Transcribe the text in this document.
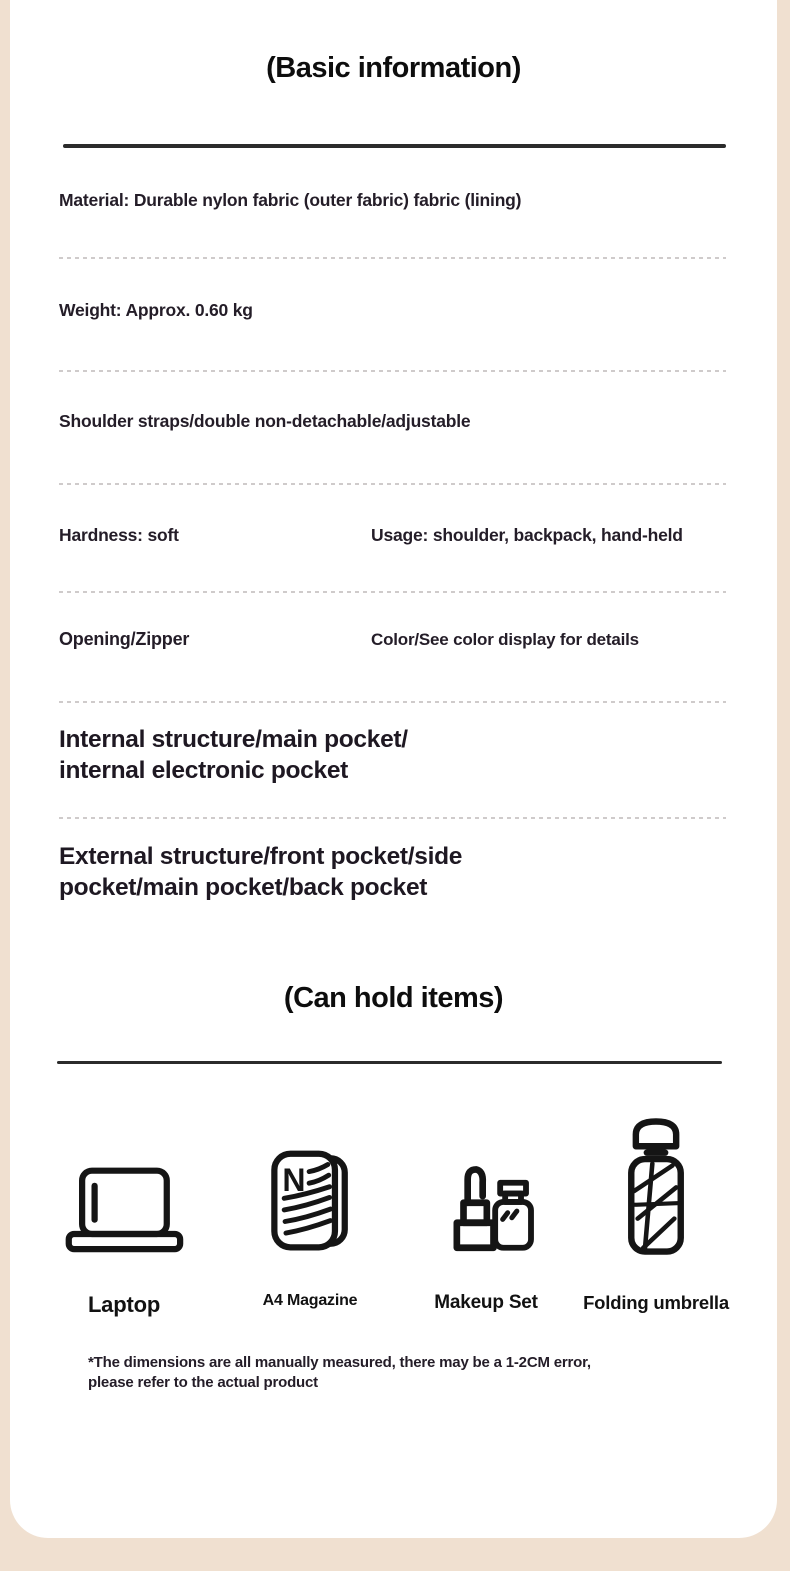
(Basic information)
Material: Durable nylon fabric (outer fabric) fabric (lining)
Weight: Approx. 0.60 kg
Shoulder straps/double non-detachable/adjustable
Hardness: soft	Usage: shoulder, backpack, hand-held
Opening/Zipper	Color/See color display for details
Internal structure/main pocket/
internal electronic pocket
External structure/front pocket/side
pocket/main pocket/back pocket
(Can hold items)
Laptop
N
A4 Magazine	Makeup Set Folding umbrella
*The dimensions are all manually measured, there may be a 1-2CM error,
please refer to the actual product
